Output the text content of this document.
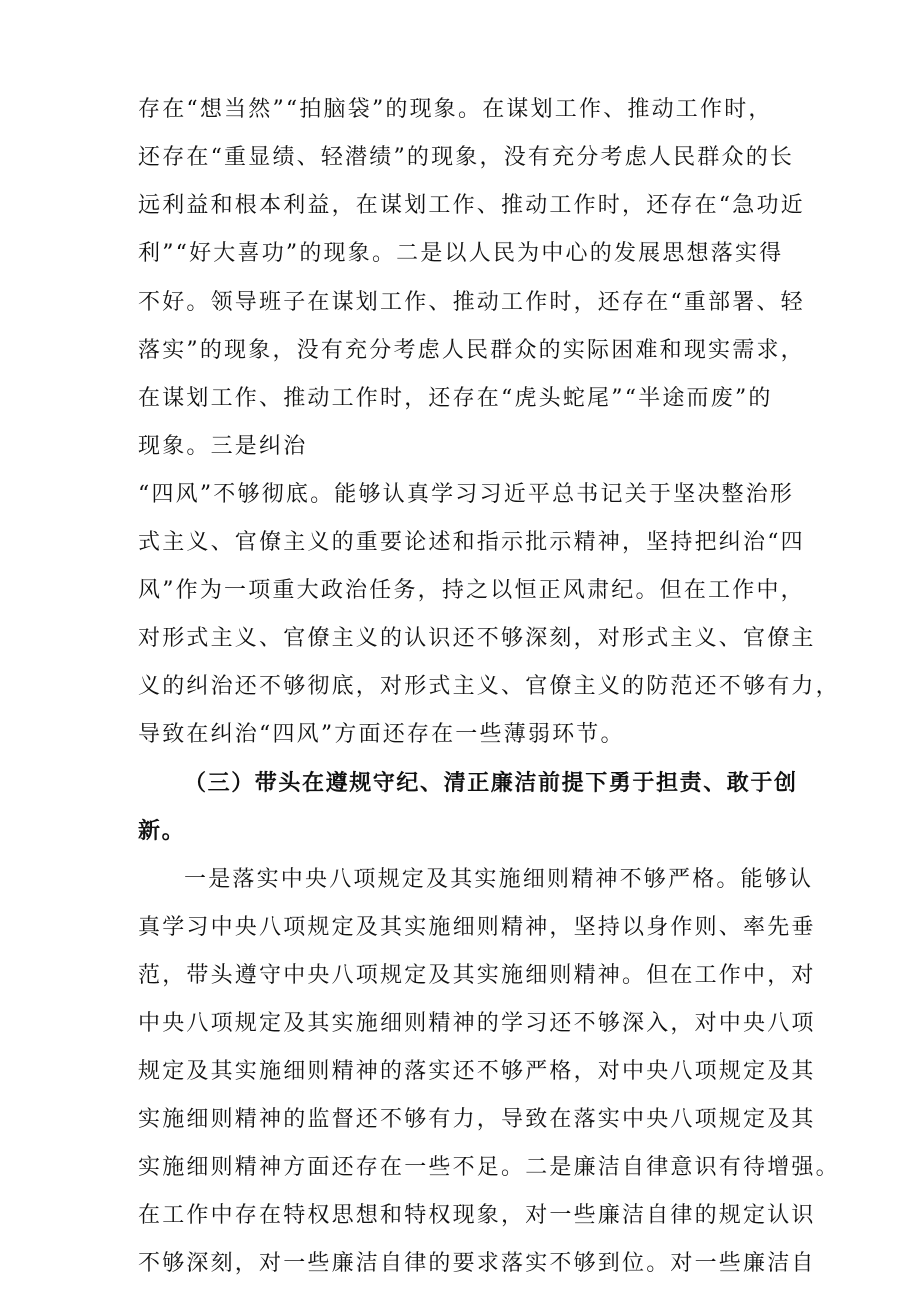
存在“想当然”“拍脑袋”的现象。在谋划工作、推动工作时，
还存在“重显绩、轻潜绩”的现象，没有充分考虑人民群众的长
远利益和根本利益，在谋划工作、推动工作时，还存在“急功近
利”“好大喜功”的现象。二是以人民为中心的发展思想落实得
不好。领导班子在谋划工作、推动工作时，还存在“重部署、轻
落实”的现象，没有充分考虑人民群众的实际困难和现实需求，
在谋划工作、推动工作时，还存在“虎头蛇尾”“半途而废”的
现象。三是纠治
“四风”不够彻底。能够认真学习习近平总书记关于坚决整治形
式主义、官僚主义的重要论述和指示批示精神，坚持把纠治“四
风”作为一项重大政治任务，持之以恒正风肃纪。但在工作中，
对形式主义、官僚主义的认识还不够深刻，对形式主义、官僚主
义的纠治还不够彻底，对形式主义、官僚主义的防范还不够有力，
导致在纠治“四风”方面还存在一些薄弱环节。
（三）带头在遵规守纪、清正廉洁前提下勇于担责、敢于创
新。
一是落实中央八项规定及其实施细则精神不够严格。能够认
真学习中央八项规定及其实施细则精神，坚持以身作则、率先垂
范，带头遵守中央八项规定及其实施细则精神。但在工作中，对
中央八项规定及其实施细则精神的学习还不够深入，对中央八项
规定及其实施细则精神的落实还不够严格，对中央八项规定及其
实施细则精神的监督还不够有力，导致在落实中央八项规定及其
实施细则精神方面还存在一些不足。二是廉洁自律意识有待增强。
在工作中存在特权思想和特权现象，对一些廉洁自律的规定认识
不够深刻，对一些廉洁自律的要求落实不够到位。对一些廉洁自
